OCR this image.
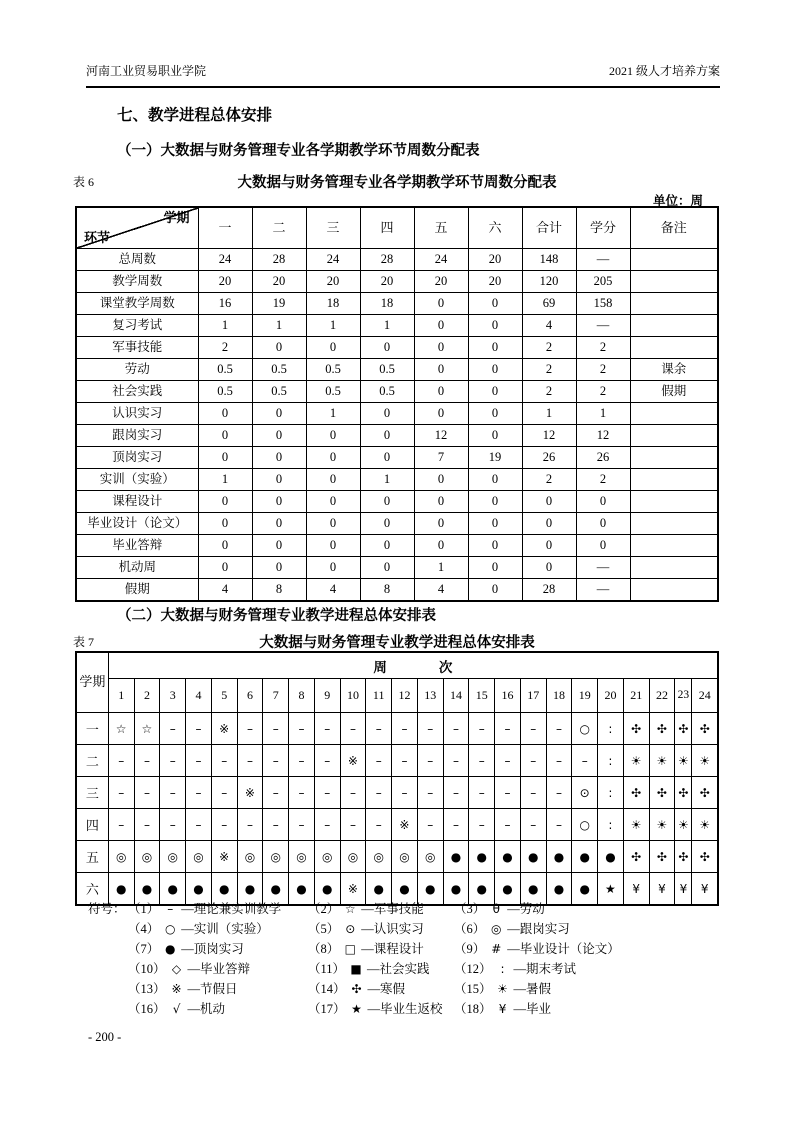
河南工业贸易职业学院	2021 级人才培养方案
七、教学进程总体安排
（一）大数据与财务管理专业各学期教学环节周数分配表
表 6	大数据与财务管理专业各学期教学环节周数分配表
单位：周
学期
环节	一	二	三	四	五	六	合计	学分	备注
总周数	24	28	24	28	24	20	148	—	
教学周数	20	20	20	20	20	20	120	205	
课堂教学周数	16	19	18	18	0	0	69	158	
复习考试	1	1	1	1	0	0	4	—	
军事技能	2	0	0	0	0	0	2	2	
劳动	0.5	0.5	0.5	0.5	0	0	2	2	课余
社会实践	0.5	0.5	0.5	0.5	0	0	2	2	假期
认识实习	0	0	1	0	0	0	1	1	
跟岗实习	0	0	0	0	12	0	12	12	
顶岗实习	0	0	0	0	7	19	26	26	
实训（实验）	1	0	0	1	0	0	2	2	
课程设计	0	0	0	0	0	0	0	0	
毕业设计（论文）	0	0	0	0	0	0	0	0	
毕业答辩	0	0	0	0	0	0	0	0	
机动周	0	0	0	0	1	0	0	—	
假期	4	8	4	8	4	0	28	—	
（二）大数据与财务管理专业教学进程总体安排表
表 7	大数据与财务管理专业教学进程总体安排表
学期	周 次																							

	1	2	3	4	5	6	7	8	9	10	11	12	13	14	15	16	17	18	19	20	21	22	23	24
一	☆	☆	–	–	※	–	–	–	–	–	–	–	–	–	–	–	–	–	○	:	✣	✣	✣	✣
二	–	–	–	–	–	–	–	–	–	※	–	–	–	–	–	–	–	–	–	:	☀	☀	☀	☀
三	–	–	–	–	–	※	–	–	–	–	–	–	–	–	–	–	–	–	⊙	:	✣	✣	✣	✣
四	–	–	–	–	–	–	–	–	–	–	–	※	–	–	–	–	–	–	○	:	☀	☀	☀	☀
五	◎	◎	◎	◎	※	◎	◎	◎	◎	◎	◎	◎	◎	●	●	●	●	●	●	●	✣	✣	✣	✣
六	●	●	●	●	●	●	●	●	●	※	●	●	●	●	●	●	●	●	●	★	¥	¥	¥	¥
符号： （1） – —理论兼实训教学	（2） ☆ —军事技能	（3） θ —劳动
（4） ○ —实训（实验）	（5） ⊙ —认识实习	（6） ◎ —跟岗实习
（7） ● —顶岗实习	（8） □ —课程设计	（9） # —毕业设计（论文）
（10） ◇ —毕业答辩	（11） ■ —社会实践	（12） : —期末考试
（13） ※ —节假日	（14） ✣ —寒假	（15） ☀ —暑假
（16） √ —机动	（17） ★ —毕业生返校 （18） ¥ —毕业
- 200 -
